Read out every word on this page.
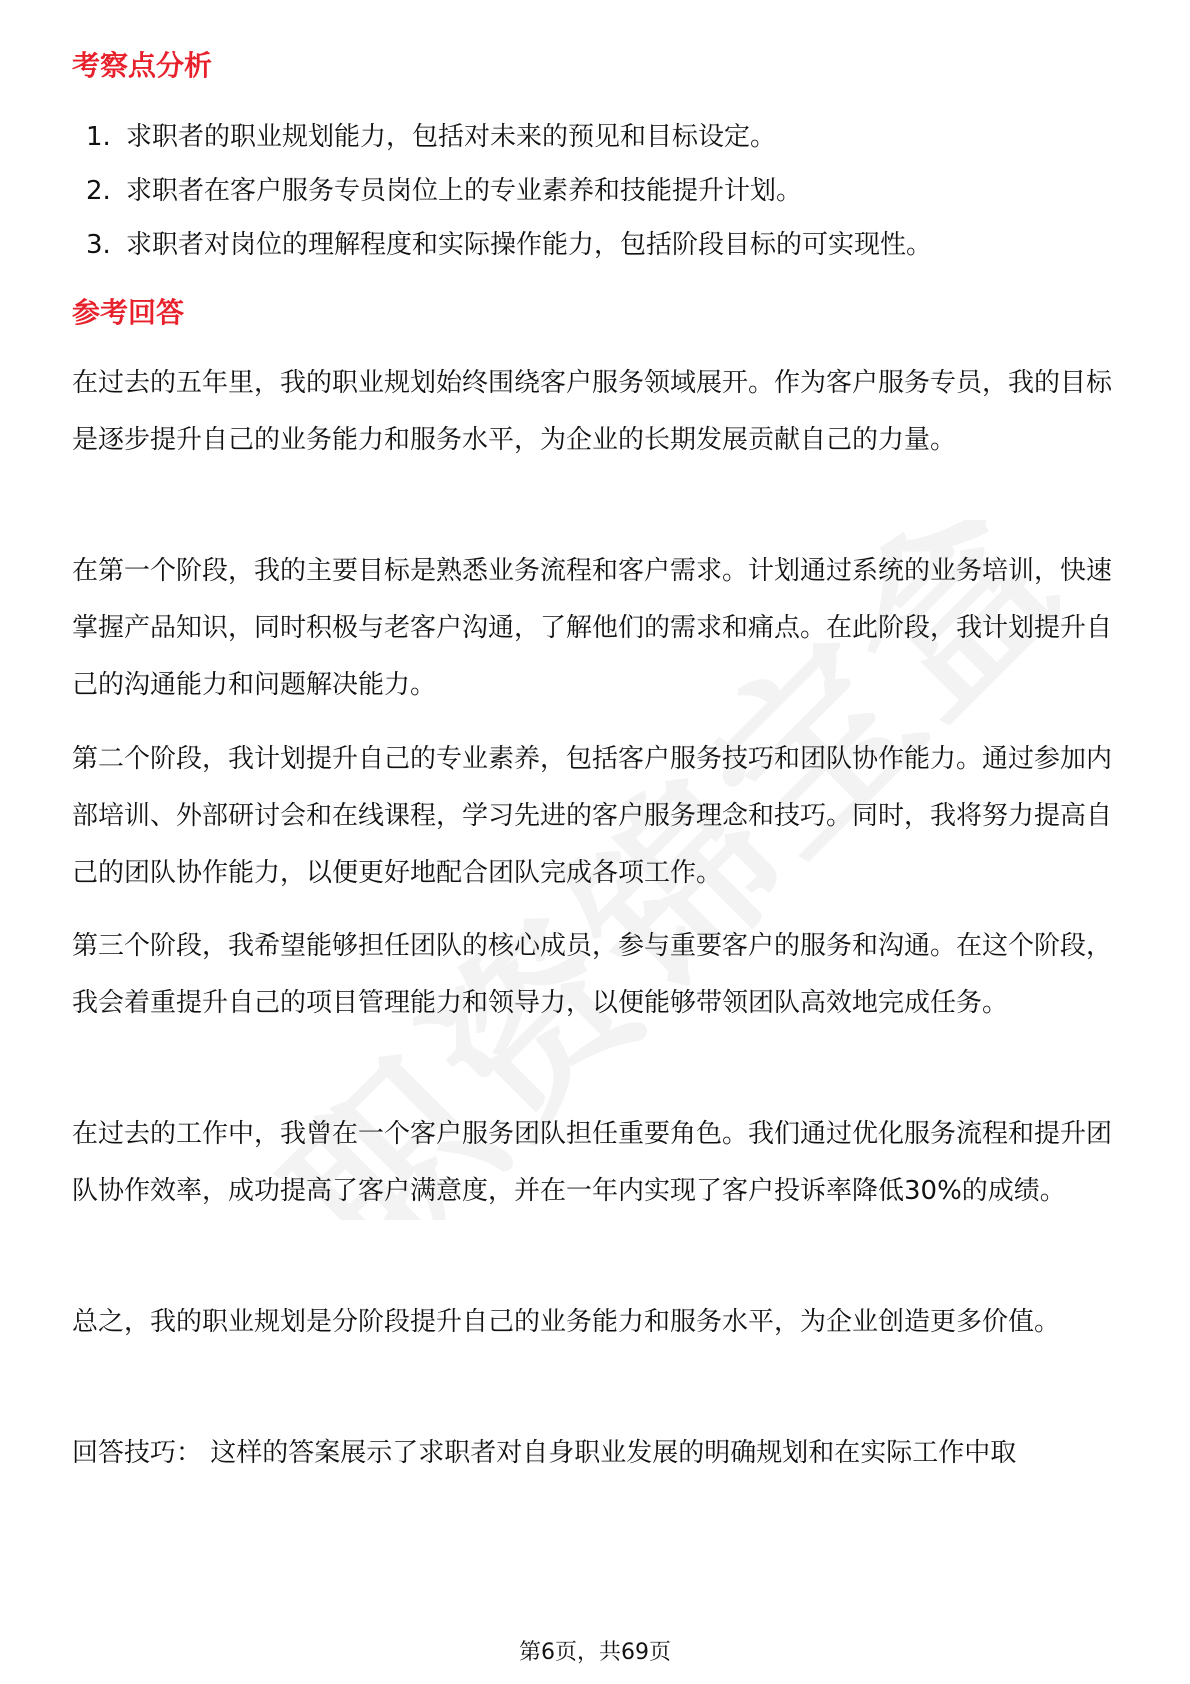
考察点分析
1. 求职者的职业规划能力，包括对未来的预见和目标设定。
2. 求职者在客户服务专员岗位上的专业素养和技能提升计划。
3. 求职者对岗位的理解程度和实际操作能力，包括阶段目标的可实现性。
参考回答

在过去的五年里，我的职业规划始终围绕客户服务领域展开。作为客户服务专员，我的目标是逐步提升自己的业务能力和服务水平，为企业的长期发展贡献自己的力量。

在第一个阶段，我的主要目标是熟悉业务流程和客户需求。计划通过系统的业务培训，快速掌握产品知识，同时积极与老客户沟通，了解他们的需求和痛点。在此阶段，我计划提升自己的沟通能力和问题解决能力。

第二个阶段，我计划提升自己的专业素养，包括客户服务技巧和团队协作能力。通过参加内部培训、外部研讨会和在线课程，学习先进的客户服务理念和技巧。同时，我将努力提高自己的团队协作能力，以便更好地配合团队完成各项工作。

第三个阶段，我希望能够担任团队的核心成员，参与重要客户的服务和沟通。在这个阶段，我会着重提升自己的项目管理能力和领导力，以便能够带领团队高效地完成任务。

在过去的工作中，我曾在一个客户服务团队担任重要角色。我们通过优化服务流程和提升团队协作效率，成功提高了客户满意度，并在一年内实现了客户投诉率降低30%的成绩。

总之，我的职业规划是分阶段提升自己的业务能力和服务水平，为企业创造更多价值。

回答技巧： 这样的答案展示了求职者对自身职业发展的明确规划和在实际工作中取

第6页，共69页
